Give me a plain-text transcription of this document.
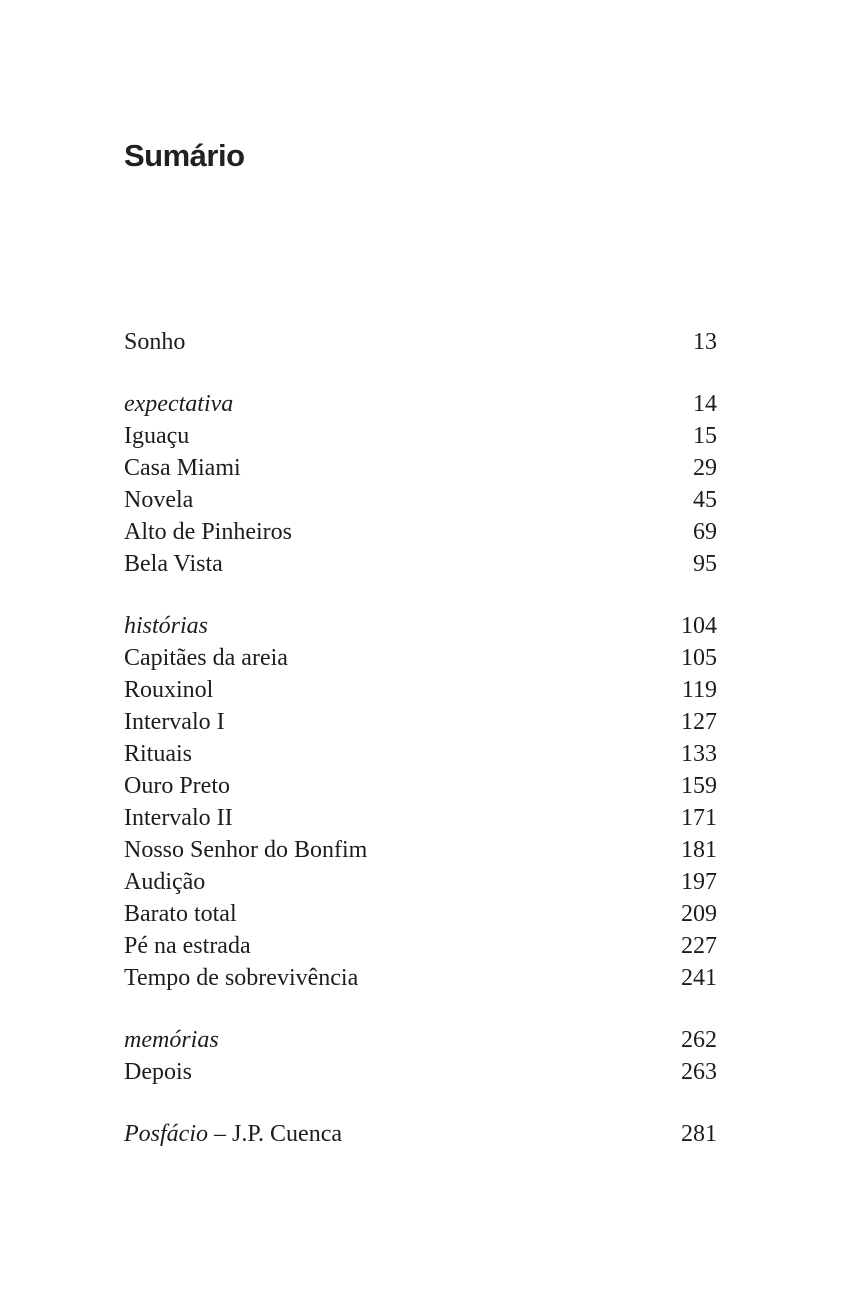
Sumário
Sonho	13
expectativa	14
Iguaçu	15
Casa Miami	29
Novela	45
Alto de Pinheiros	69
Bela Vista	95
histórias	104
Capitães da areia	105
Rouxinol	119
Intervalo I	127
Rituais	133
Ouro Preto	159
Intervalo II	171
Nosso Senhor do Bonfim	181
Audição	197
Barato total	209
Pé na estrada	227
Tempo de sobrevivência	241
memórias	262
Depois	263
Posfácio – J.P. Cuenca	281
